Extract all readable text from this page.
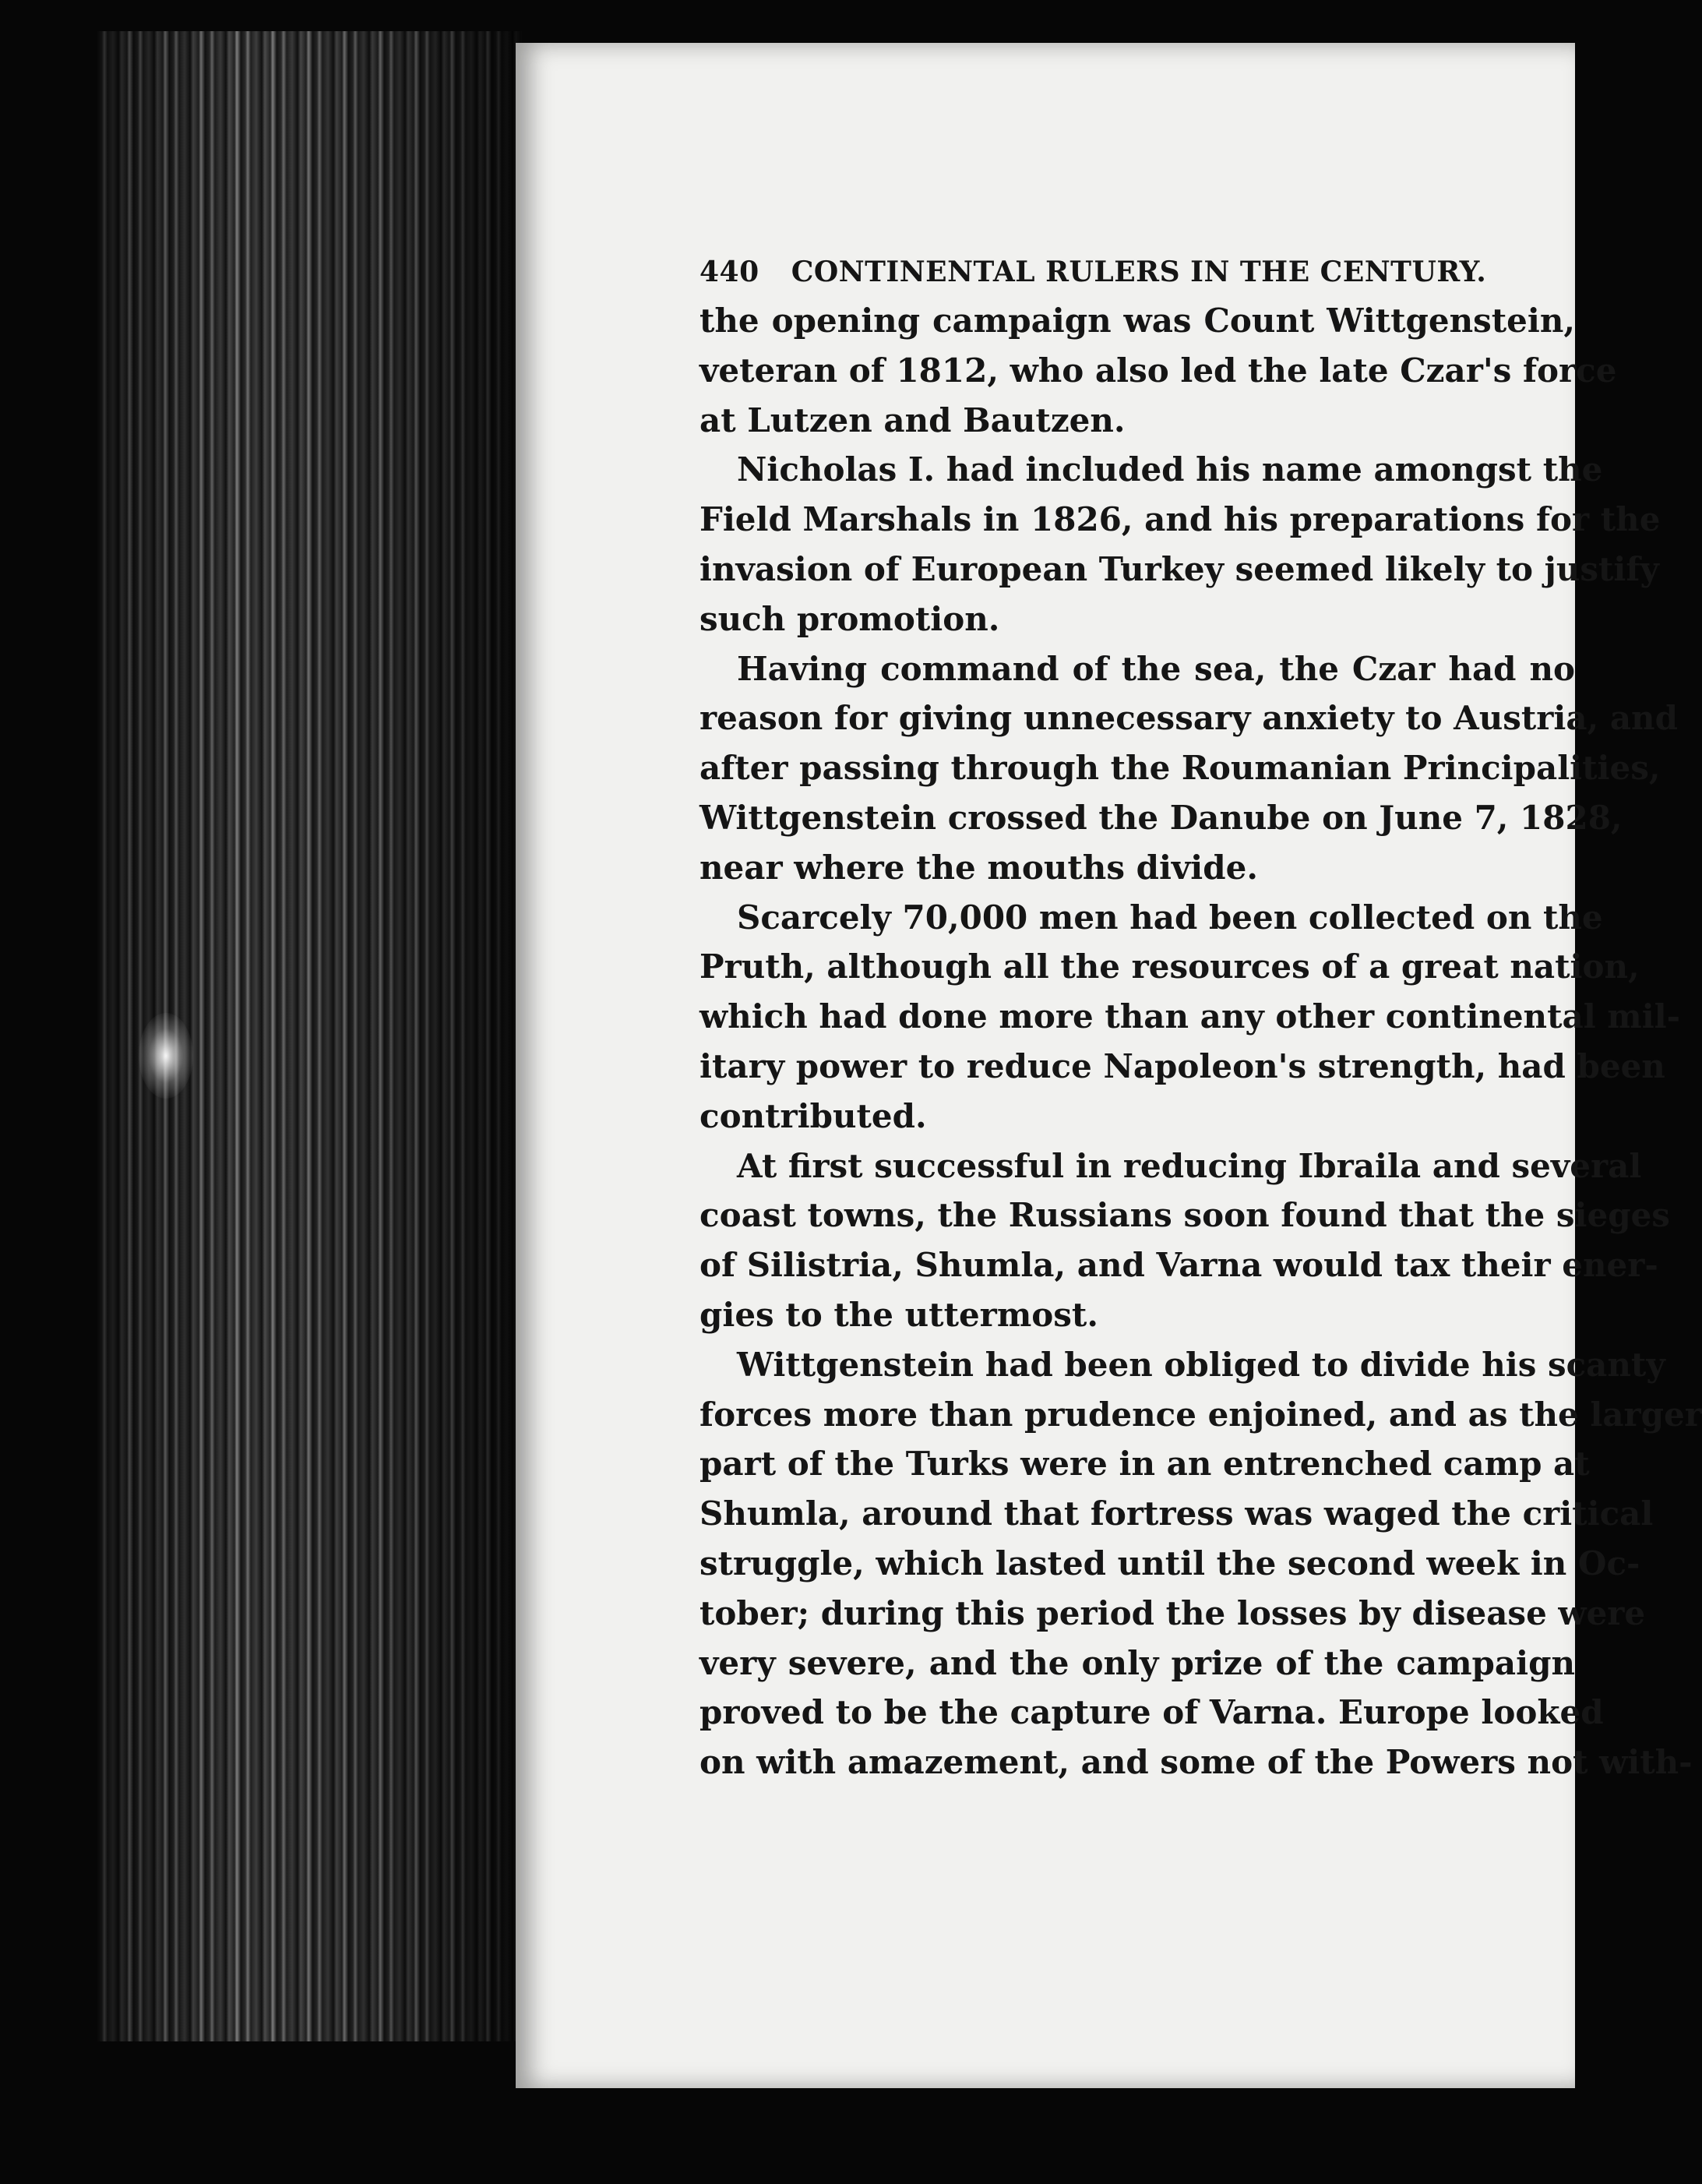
440 CONTINENTAL RULERS IN THE CENTURY.
the opening campaign was Count Wittgenstein,
veteran of 1812, who also led the late Czar's force
at Lutzen and Bautzen.
Nicholas I. had included his name amongst the
Field Marshals in 1826, and his preparations for the
invasion of European Turkey seemed likely to justify
such promotion.
Having command of the sea, the Czar had no
reason for giving unnecessary anxiety to Austria, and
after passing through the Roumanian Principalities,
Wittgenstein crossed the Danube on June 7, 1828,
near where the mouths divide.
Scarcely 70,000 men had been collected on the
Pruth, although all the resources of a great nation,
which had done more than any other continental mil-
itary power to reduce Napoleon's strength, had been
contributed.
At first successful in reducing Ibraila and several
coast towns, the Russians soon found that the sieges
of Silistria, Shumla, and Varna would tax their ener-
gies to the uttermost.
Wittgenstein had been obliged to divide his scanty
forces more than prudence enjoined, and as the larger
part of the Turks were in an entrenched camp at
Shumla, around that fortress was waged the critical
struggle, which lasted until the second week in Oc-
tober; during this period the losses by disease were
very severe, and the only prize of the campaign
proved to be the capture of Varna. Europe looked
on with amazement, and some of the Powers not with-
